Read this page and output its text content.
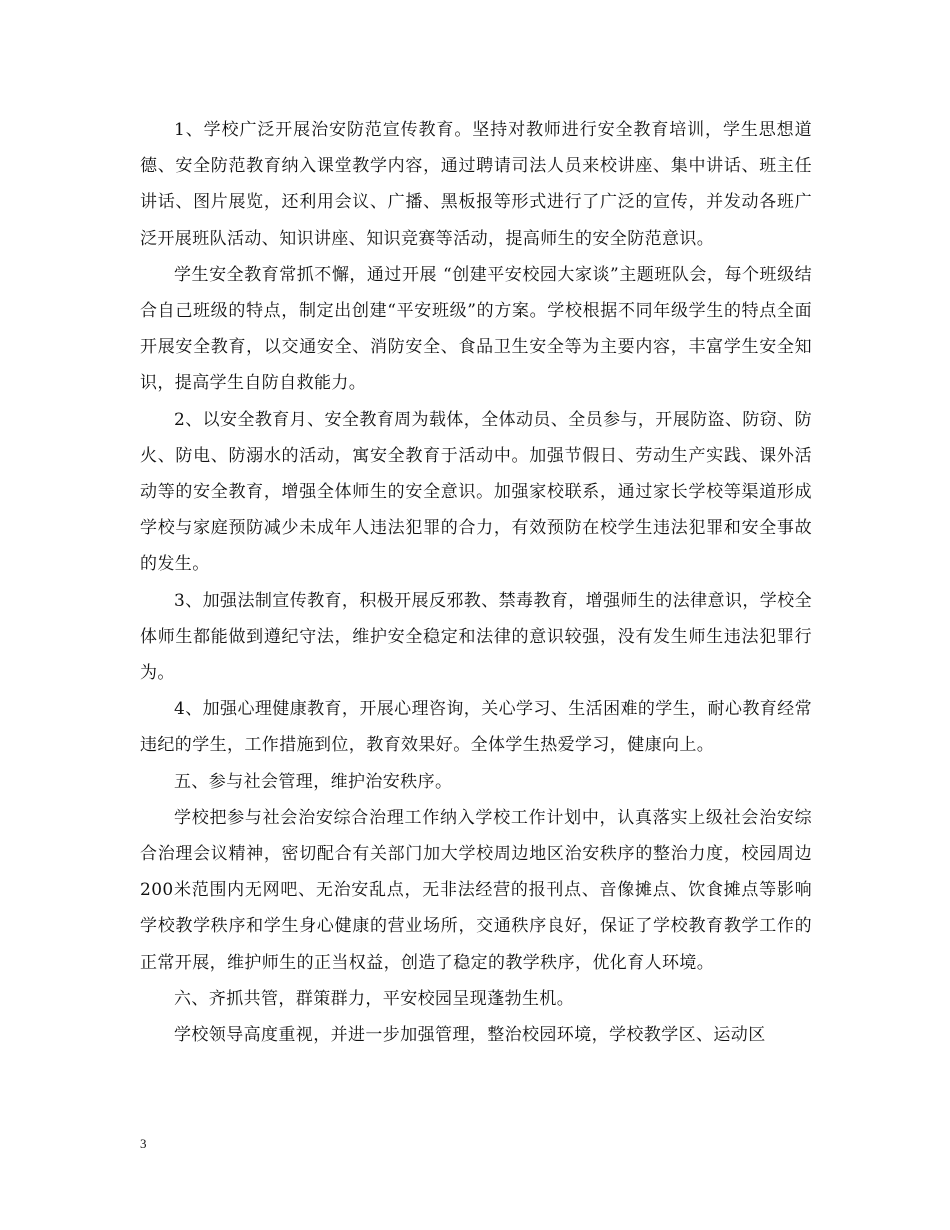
1、学校广泛开展治安防范宣传教育。坚持对教师进行安全教育培训，学生思想道德、安全防范教育纳入课堂教学内容，通过聘请司法人员来校讲座、集中讲话、班主任讲话、图片展览，还利用会议、广播、黑板报等形式进行了广泛的宣传，并发动各班广泛开展班队活动、知识讲座、知识竞赛等活动，提高师生的安全防范意识。

学生安全教育常抓不懈，通过开展 “创建平安校园大家谈”主题班队会，每个班级结合自己班级的特点，制定出创建“平安班级”的方案。学校根据不同年级学生的特点全面开展安全教育，以交通安全、消防安全、食品卫生安全等为主要内容，丰富学生安全知识，提高学生自防自救能力。

2、以安全教育月、安全教育周为载体，全体动员、全员参与，开展防盗、防窃、防火、防电、防溺水的活动，寓安全教育于活动中。加强节假日、劳动生产实践、课外活动等的安全教育，增强全体师生的安全意识。加强家校联系，通过家长学校等渠道形成学校与家庭预防减少未成年人违法犯罪的合力，有效预防在校学生违法犯罪和安全事故的发生。

3、加强法制宣传教育，积极开展反邪教、禁毒教育，增强师生的法律意识，学校全体师生都能做到遵纪守法，维护安全稳定和法律的意识较强，没有发生师生违法犯罪行为。

4、加强心理健康教育，开展心理咨询，关心学习、生活困难的学生，耐心教育经常违纪的学生，工作措施到位，教育效果好。全体学生热爱学习，健康向上。

五、参与社会管理，维护治安秩序。

学校把参与社会治安综合治理工作纳入学校工作计划中，认真落实上级社会治安综合治理会议精神，密切配合有关部门加大学校周边地区治安秩序的整治力度，校园周边200米范围内无网吧、无治安乱点，无非法经营的报刊点、音像摊点、饮食摊点等影响学校教学秩序和学生身心健康的营业场所，交通秩序良好，保证了学校教育教学工作的正常开展，维护师生的正当权益，创造了稳定的教学秩序，优化育人环境。

六、齐抓共管，群策群力，平安校园呈现蓬勃生机。

学校领导高度重视，并进一步加强管理，整治校园环境，学校教学区、运动区

3
